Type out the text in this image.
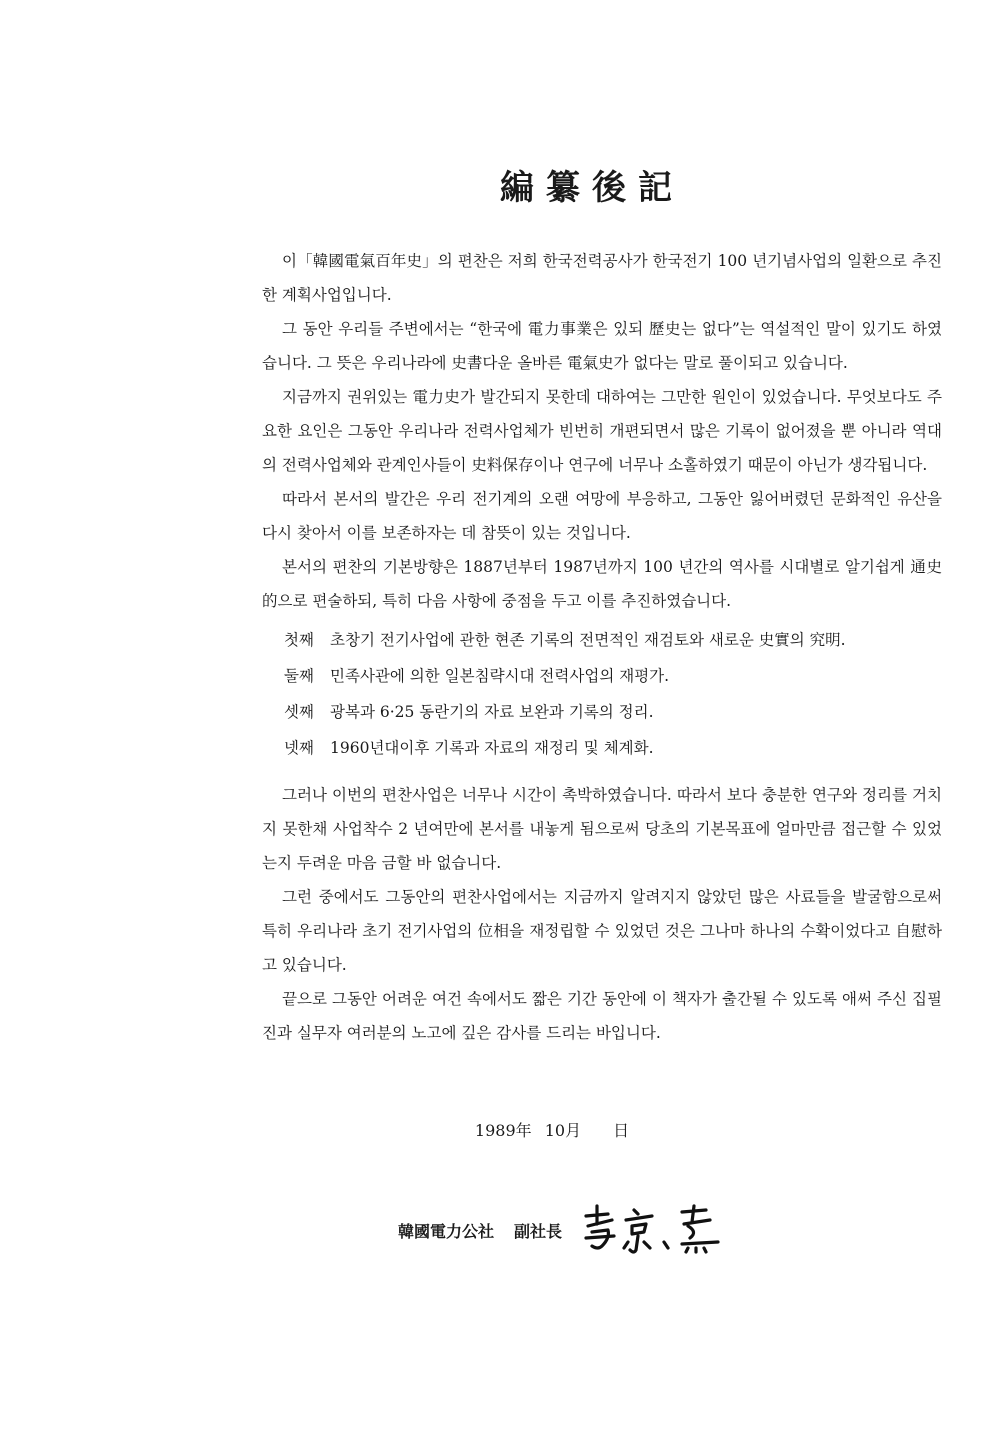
編纂後記

이「韓國電氣百年史」의 편찬은 저희 한국전력공사가 한국전기 100 년기념사업의 일환으로 추진한 계획사업입니다.

그 동안 우리들 주변에서는 “한국에 電力事業은 있되 歷史는 없다”는 역설적인 말이 있기도 하였습니다. 그 뜻은 우리나라에 史書다운 올바른 電氣史가 없다는 말로 풀이되고 있습니다.

지금까지 권위있는 電力史가 발간되지 못한데 대하여는 그만한 원인이 있었습니다. 무엇보다도 주요한 요인은 그동안 우리나라 전력사업체가 빈번히 개편되면서 많은 기록이 없어졌을 뿐 아니라 역대의 전력사업체와 관계인사들이 史料保存이나 연구에 너무나 소홀하였기 때문이 아닌가 생각됩니다.

따라서 본서의 발간은 우리 전기계의 오랜 여망에 부응하고, 그동안 잃어버렸던 문화적인 유산을 다시 찾아서 이를 보존하자는 데 참뜻이 있는 것입니다.

본서의 편찬의 기본방향은 1887년부터 1987년까지 100 년간의 역사를 시대별로 알기쉽게 通史的으로 편술하되, 특히 다음 사항에 중점을 두고 이를 추진하였습니다.

첫째 초창기 전기사업에 관한 현존 기록의 전면적인 재검토와 새로운 史實의 究明.
둘째 민족사관에 의한 일본침략시대 전력사업의 재평가.
셋째 광복과 6·25 동란기의 자료 보완과 기록의 정리.
넷째 1960년대이후 기록과 자료의 재정리 및 체계화.

그러나 이번의 편찬사업은 너무나 시간이 촉박하였습니다. 따라서 보다 충분한 연구와 정리를 거치지 못한채 사업착수 2 년여만에 본서를 내놓게 됨으로써 당초의 기본목표에 얼마만큼 접근할 수 있었는지 두려운 마음 금할 바 없습니다.

그런 중에서도 그동안의 편찬사업에서는 지금까지 알려지지 않았던 많은 사료들을 발굴함으로써 특히 우리나라 초기 전기사업의 位相을 재정립할 수 있었던 것은 그나마 하나의 수확이었다고 自慰하고 있습니다.

끝으로 그동안 어려운 여건 속에서도 짧은 기간 동안에 이 책자가 출간될 수 있도록 애써 주신 집필진과 실무자 여러분의 노고에 깊은 감사를 드리는 바입니다.

1989年 10月　　日
韓國電力公社 副社長
